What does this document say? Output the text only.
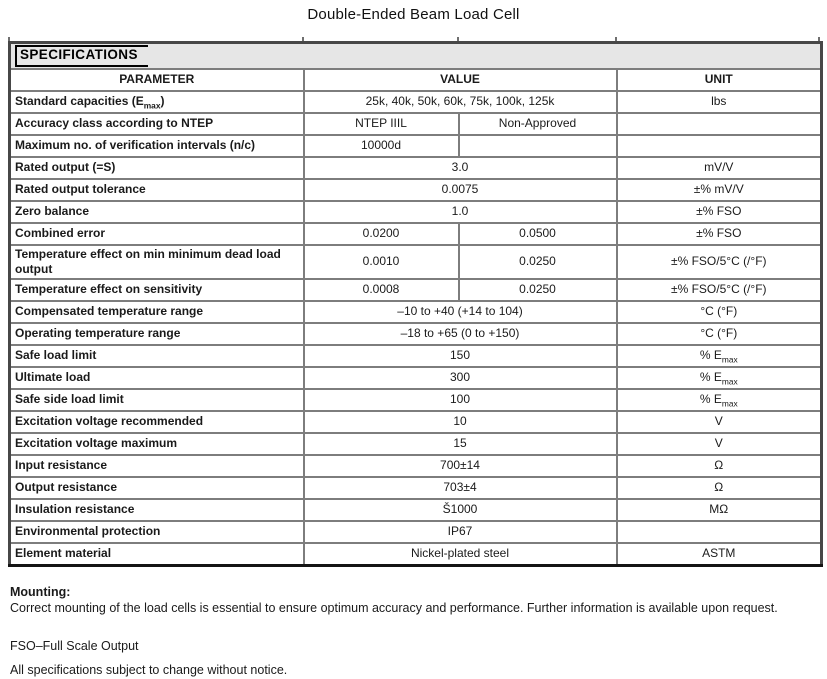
Double-Ended Beam Load Cell
SPECIFICATIONS			
PARAMETER	VALUE		UNIT
Standard capacities $(E_{max})$	25k, 40k, 50k, 60k, 75k, 100k, 125k		lbs
Accuracy class according to NTEP	NTEP IIIL	Non-Approved	
Maximum no. of verification intervals (n/c)	10000d		
Rated output (=S)	3.0		mV/V
Rated output tolerance	0.0075		±% mV/V
Zero balance	1.0		±% FSO
Combined error	0.0200	0.0500	±% FSO
Temperature effect on min minimum dead load output	0.0010	0.0250	±% FSO/5°C (/°F)
Temperature effect on sensitivity	0.0008	0.0250	±% FSO/5°C (/°F)
Compensated temperature range	–10 to +40 (+14 to 104)		°C (°F)
Operating temperature range	–18 to +65 (0 to +150)		°C (°F)
Safe load limit	150		% $E_{max}$
Ultimate load	300		% $E_{max}$
Safe side load limit	100		% $E_{max}$
Excitation voltage recommended	10		V
Excitation voltage maximum	15		V
Input resistance	700±14		Ω
Output resistance	703±4		Ω
Insulation resistance	Š1000		MΩ
Environmental protection	IP67		
Element material	Nickel-plated steel		ASTM
Mounting:

Correct mounting of the load cells is essential to ensure optimum accuracy and performance. Further information is available upon request.

FSO–Full Scale Output
All specifications subject to change without notice.
